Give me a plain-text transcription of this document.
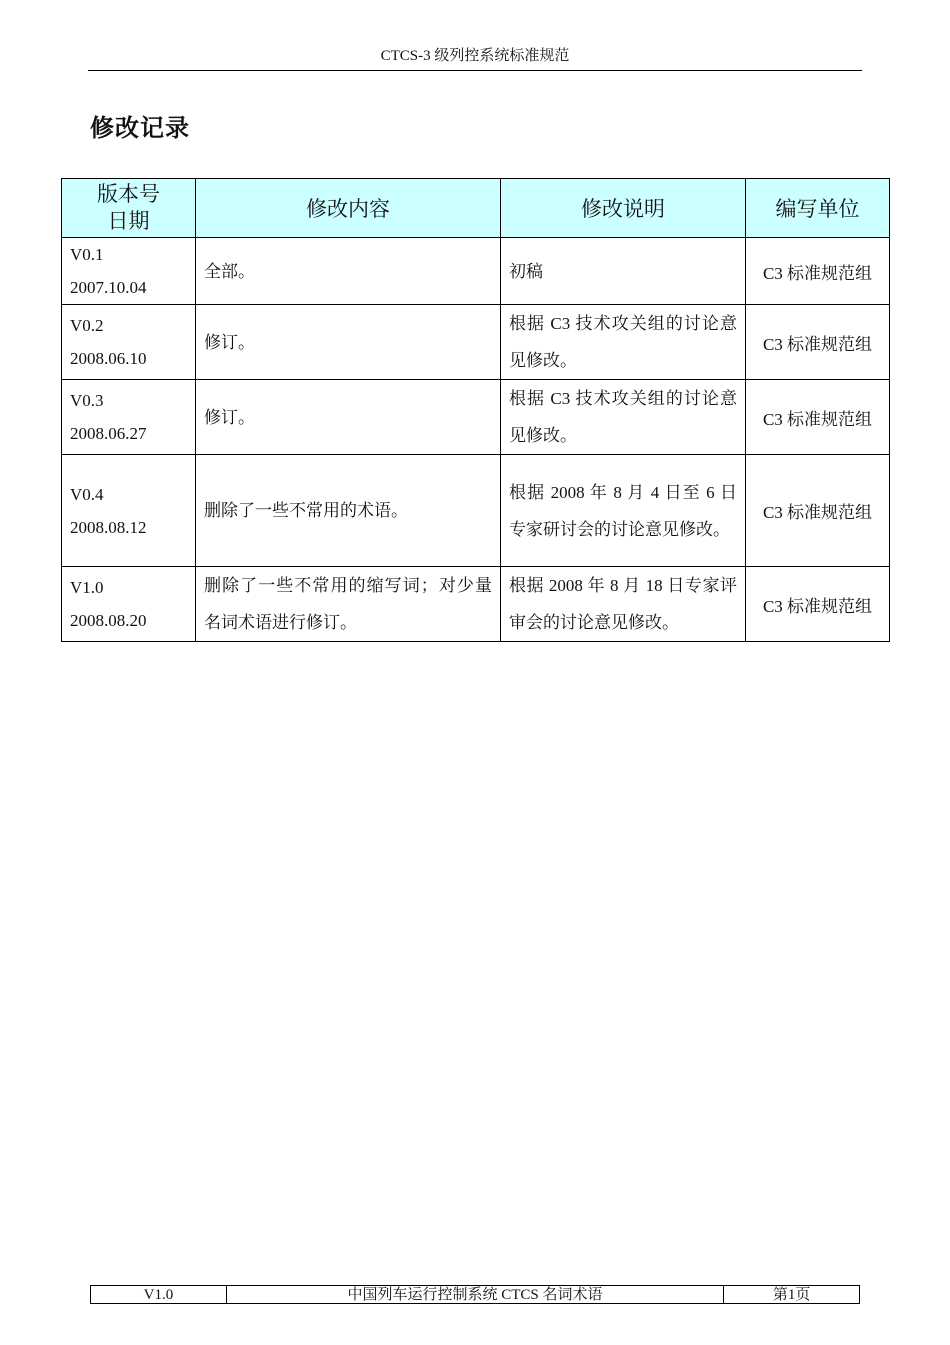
CTCS-3 级列控系统标准规范
修改记录
版本号
日期	修改内容	修改说明	编写单位

V0.1
2007.10.04	全部。	初稿	C3 标准规范组

V0.2
2008.06.10	修订。	根据 C3 技术攻关组的讨论意见修改。	C3 标准规范组

V0.3
2008.06.27	修订。	根据 C3 技术攻关组的讨论意见修改。	C3 标准规范组

V0.4
2008.08.12	删除了一些不常用的术语。	根据 2008 年 8 月 4 日至 6 日专家研讨会的讨论意见修改。	C3 标准规范组

V1.0
2008.08.20	删除了一些不常用的缩写词；对少量名词术语进行修订。	根据 2008 年 8 月 18 日专家评审会的讨论意见修改。	C3 标准规范组
V1.0	中国列车运行控制系统 CTCS 名词术语	第1页
